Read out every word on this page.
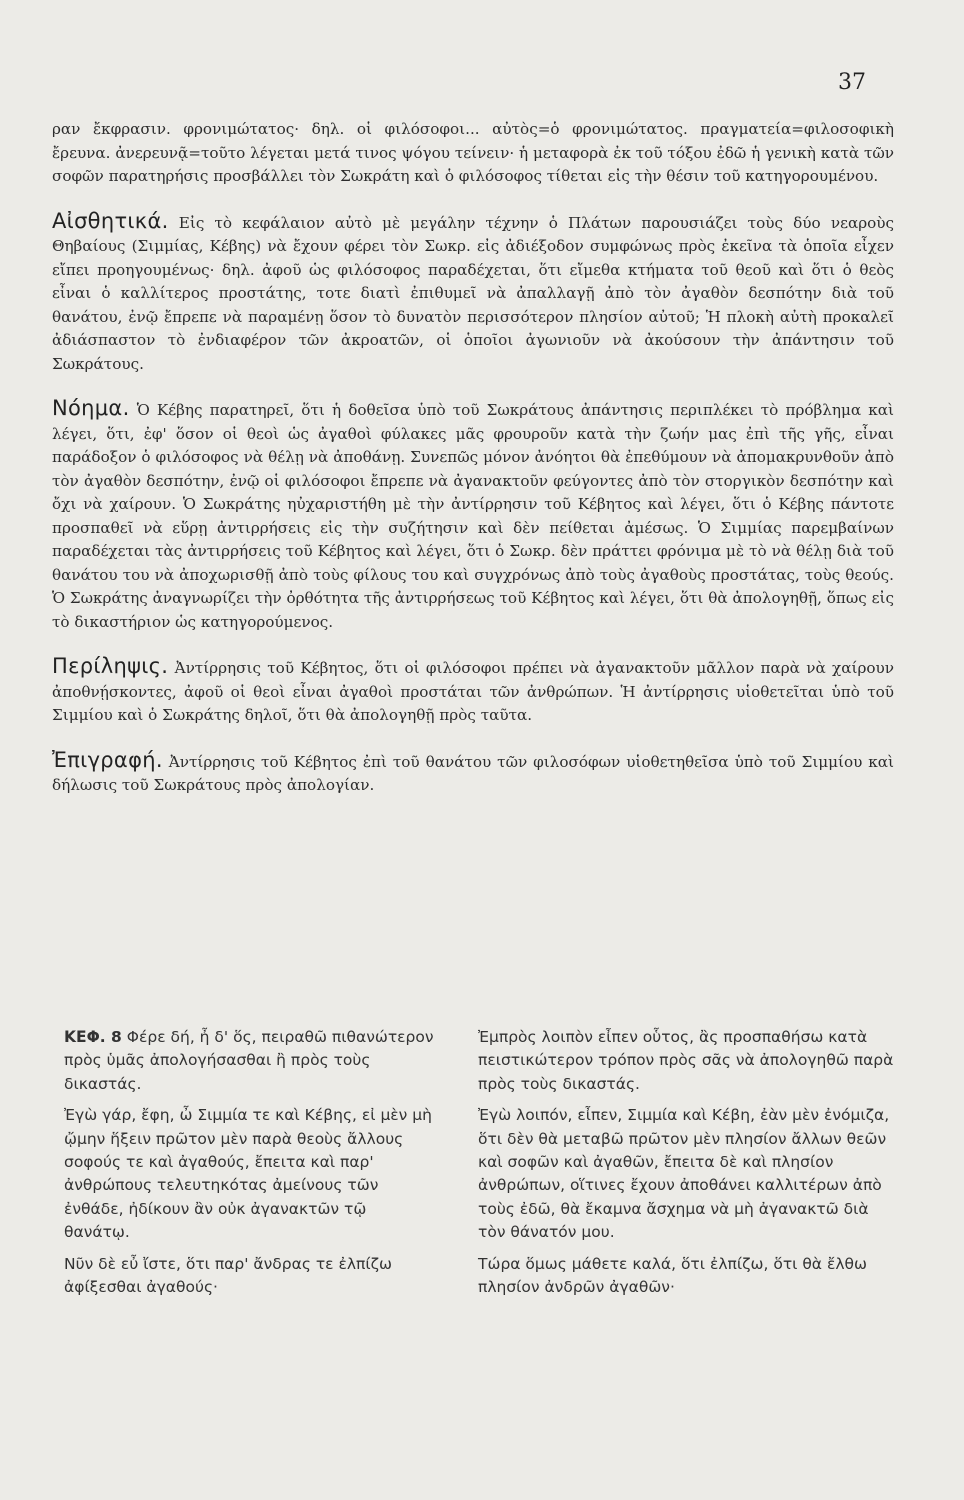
37

ραν ἔκφρασιν. φρονιμώτατος· δηλ. οἱ φιλόσοφοι... αὐτὸς=ὁ φρονιμώτατος. πραγματεία=φιλοσοφικὴ ἔρευνα. ἀνερευνᾷ=τοῦτο λέγεται μετά τινος ψόγου τείνειν· ἡ μεταφορὰ ἐκ τοῦ τόξου ἐδῶ ἡ γενικὴ κατὰ τῶν σοφῶν παρατηρήσις προσβάλλει τὸν Σωκράτη καὶ ὁ φιλόσοφος τίθεται εἰς τὴν θέσιν τοῦ κατηγορουμένου.

Αἰσθητικά. Εἰς τὸ κεφάλαιον αὐτὸ μὲ μεγάλην τέχνην ὁ Πλάτων παρουσιάζει τοὺς δύο νεαροὺς Θηβαίους (Σιμμίας, Κέβης) νὰ ἔχουν φέρει τὸν Σωκρ. εἰς ἀδιέξοδον συμφώνως πρὸς ἐκεῖνα τὰ ὁποῖα εἶχεν εἴπει προηγουμένως· δηλ. ἀφοῦ ὡς φιλόσοφος παραδέχεται, ὅτι εἴμεθα κτήματα τοῦ θεοῦ καὶ ὅτι ὁ θεὸς εἶναι ὁ καλλίτερος προστάτης, τοτε διατὶ ἐπιθυμεῖ νὰ ἀπαλλαγῇ ἀπὸ τὸν ἀγαθὸν δεσπότην διὰ τοῦ θανάτου, ἐνῷ ἔπρεπε νὰ παραμένῃ ὅσον τὸ δυνατὸν περισσότερον πλησίον αὐτοῦ; Ἡ πλοκὴ αὐτὴ προκαλεῖ ἀδιάσπαστον τὸ ἐνδιαφέρον τῶν ἀκροατῶν, οἱ ὁποῖοι ἀγωνιοῦν νὰ ἀκούσουν τὴν ἀπάντησιν τοῦ Σωκράτους.

Νόημα. Ὁ Κέβης παρατηρεῖ, ὅτι ἡ δοθεῖσα ὑπὸ τοῦ Σωκράτους ἀπάντησις περιπλέκει τὸ πρόβλημα καὶ λέγει, ὅτι, ἐφ' ὅσον οἱ θεοὶ ὡς ἀγαθοὶ φύλακες μᾶς φρουροῦν κατὰ τὴν ζωήν μας ἐπὶ τῆς γῆς, εἶναι παράδοξον ὁ φιλόσοφος νὰ θέλῃ νὰ ἀποθάνῃ. Συνεπῶς μόνον ἀνόητοι θὰ ἐπεθύμουν νὰ ἀπομακρυνθοῦν ἀπὸ τὸν ἀγαθὸν δεσπότην, ἐνῷ οἱ φιλόσοφοι ἔπρεπε νὰ ἀγανακτοῦν φεύγοντες ἀπὸ τὸν στοργικὸν δεσπότην καὶ ὄχι νὰ χαίρουν. Ὁ Σωκράτης ηὐχαριστήθη μὲ τὴν ἀντίρρησιν τοῦ Κέβητος καὶ λέγει, ὅτι ὁ Κέβης πάντοτε προσπαθεῖ νὰ εὕρῃ ἀντιρρήσεις εἰς τὴν συζήτησιν καὶ δὲν πείθεται ἀμέσως. Ὁ Σιμμίας παρεμβαίνων παραδέχεται τὰς ἀντιρρήσεις τοῦ Κέβητος καὶ λέγει, ὅτι ὁ Σωκρ. δὲν πράττει φρόνιμα μὲ τὸ νὰ θέλῃ διὰ τοῦ θανάτου του νὰ ἀποχωρισθῇ ἀπὸ τοὺς φίλους του καὶ συγχρόνως ἀπὸ τοὺς ἀγαθοὺς προστάτας, τοὺς θεούς. Ὁ Σωκράτης ἀναγνωρίζει τὴν ὀρθότητα τῆς ἀντιρρήσεως τοῦ Κέβητος καὶ λέγει, ὅτι θὰ ἀπολογηθῇ, ὅπως εἰς τὸ δικαστήριον ὡς κατηγορούμενος.

Περίληψις. Ἀντίρρησις τοῦ Κέβητος, ὅτι οἱ φιλόσοφοι πρέπει νὰ ἀγανακτοῦν μᾶλλον παρὰ νὰ χαίρουν ἀποθνῄσκοντες, ἀφοῦ οἱ θεοὶ εἶναι ἀγαθοὶ προστάται τῶν ἀνθρώπων. Ἡ ἀντίρρησις υἱοθετεῖται ὑπὸ τοῦ Σιμμίου καὶ ὁ Σωκράτης δηλοῖ, ὅτι θὰ ἀπολογηθῇ πρὸς ταῦτα.

Ἐπιγραφή. Ἀντίρρησις τοῦ Κέβητος ἐπὶ τοῦ θανάτου τῶν φιλοσόφων υἱοθετηθεῖσα ὑπὸ τοῦ Σιμμίου καὶ δήλωσις τοῦ Σωκράτους πρὸς ἀπολογίαν.

ΚΕΦ. 8 Φέρε δή, ἦ δ' ὅς, πειραθῶ πιθανώτερον πρὸς ὑμᾶς ἀπολογήσασθαι ἢ πρὸς τοὺς δικαστάς.

Ἐγὼ γάρ, ἔφη, ὦ Σιμμία τε καὶ Κέβης, εἰ μὲν μὴ ᾤμην ἥξειν πρῶτον μὲν παρὰ θεοὺς ἄλλους σοφούς τε καὶ ἀγαθούς, ἔπειτα καὶ παρ' ἀνθρώπους τελευτηκότας ἀμείνους τῶν ἐνθάδε, ἠδίκουν ἂν οὐκ ἀγανακτῶν τῷ θανάτῳ.

Νῦν δὲ εὖ ἴστε, ὅτι παρ' ἄνδρας τε ἐλπίζω ἀφίξεσθαι ἀγαθούς·

Ἐμπρὸς λοιπὸν εἶπεν οὗτος, ἂς προσπαθήσω κατὰ πειστικώτερον τρόπον πρὸς σᾶς νὰ ἀπολογηθῶ παρὰ πρὸς τοὺς δικαστάς.

Ἐγὼ λοιπόν, εἶπεν, Σιμμία καὶ Κέβη, ἐὰν μὲν ἐνόμιζα, ὅτι δὲν θὰ μεταβῶ πρῶτον μὲν πλησίον ἄλλων θεῶν καὶ σοφῶν καὶ ἀγαθῶν, ἔπειτα δὲ καὶ πλησίον ἀνθρώπων, οἵτινες ἔχουν ἀποθάνει καλλιτέρων ἀπὸ τοὺς ἐδῶ, θὰ ἔκαμνα ἄσχημα νὰ μὴ ἀγανακτῶ διὰ τὸν θάνατόν μου.

Τώρα ὅμως μάθετε καλά, ὅτι ἐλπίζω, ὅτι θὰ ἔλθω πλησίον ἀνδρῶν ἀγαθῶν·
